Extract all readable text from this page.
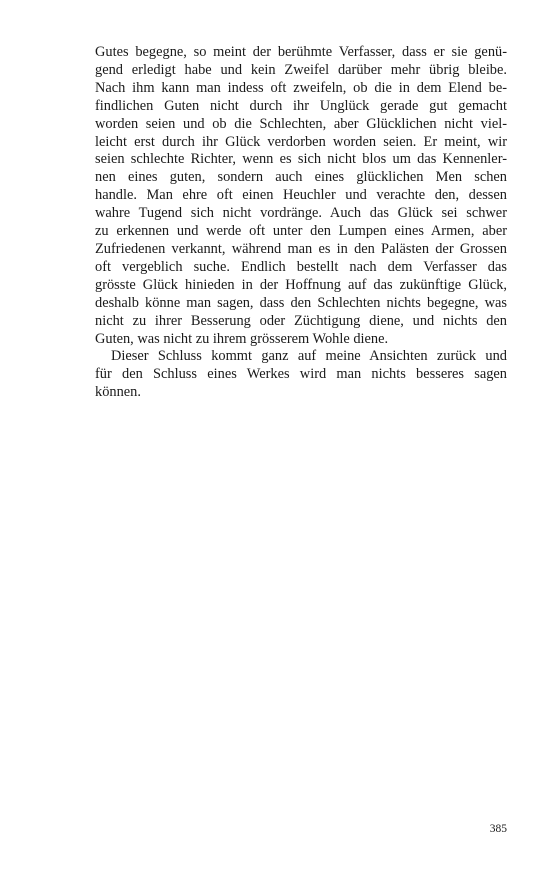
Gutes begegne, so meint der berühmte Verfasser, dass er sie genü-
gend erledigt habe und kein Zweifel darüber mehr übrig bleibe.
Nach ihm kann man indess oft zweifeln, ob die in dem Elend be-
findlichen Guten nicht durch ihr Unglück gerade gut gemacht
worden seien und ob die Schlechten, aber Glücklichen nicht viel-
leicht erst durch ihr Glück verdorben worden seien. Er meint, wir
seien schlechte Richter, wenn es sich nicht blos um das Kennenler-
nen eines guten, sondern auch eines glücklichen Men schen
handle. Man ehre oft einen Heuchler und verachte den, dessen
wahre Tugend sich nicht vordränge. Auch das Glück sei schwer
zu erkennen und werde oft unter den Lumpen eines Armen, aber
Zufriedenen verkannt, während man es in den Palästen der Grossen
oft vergeblich suche. Endlich bestellt nach dem Verfasser das
grösste Glück hinieden in der Hoffnung auf das zukünftige Glück,
deshalb könne man sagen, dass den Schlechten nichts begegne, was
nicht zu ihrer Besserung oder Züchtigung diene, und nichts den
Guten, was nicht zu ihrem grösserem Wohle diene.
Dieser Schluss kommt ganz auf meine Ansichten zurück und
für den Schluss eines Werkes wird man nichts besseres sagen
können.
385
